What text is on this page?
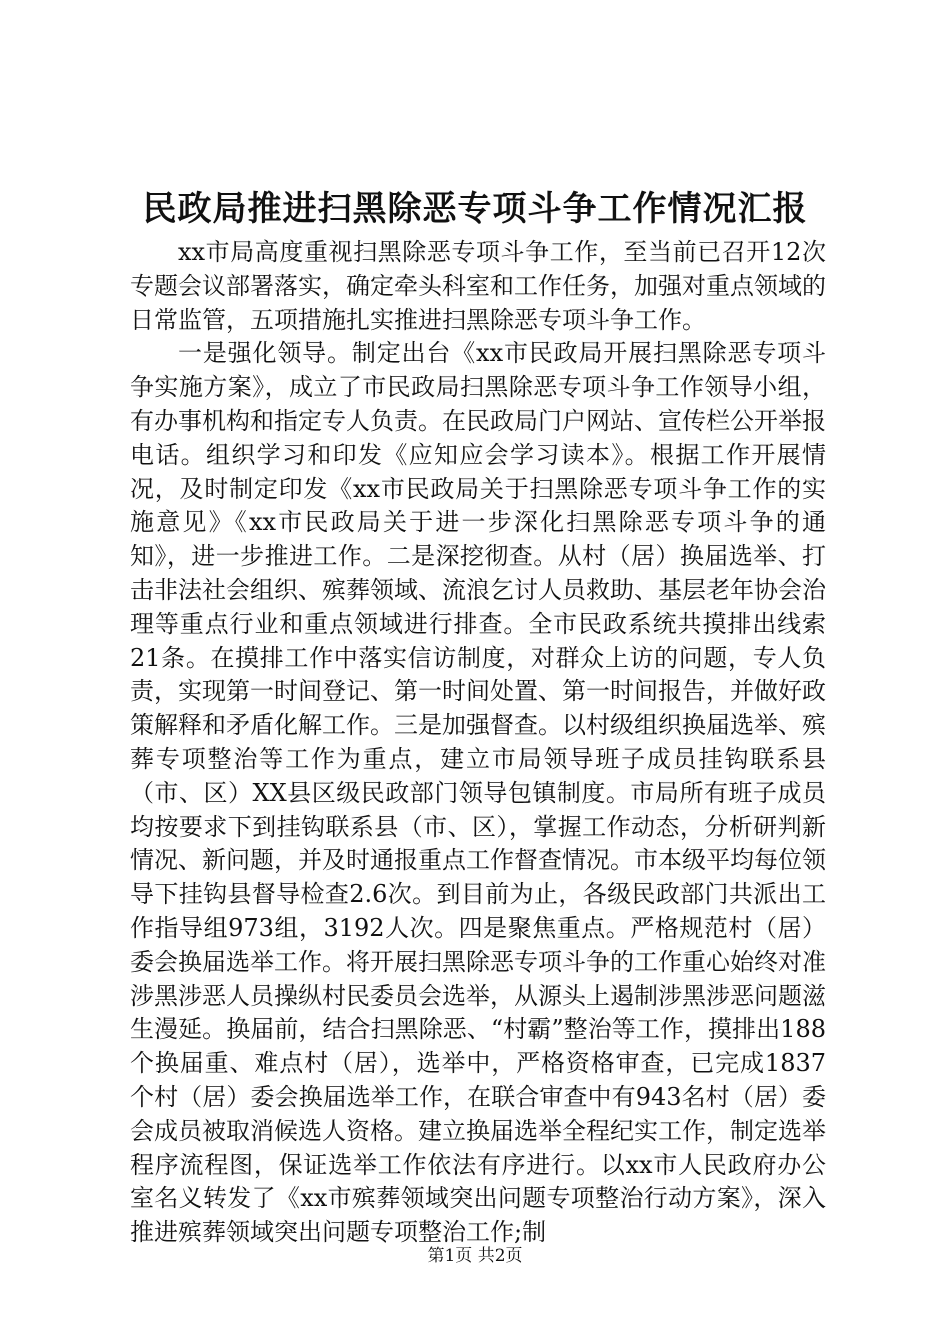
民政局推进扫黑除恶专项斗争工作情况汇报

xx市局高度重视扫黑除恶专项斗争工作，至当前已召开12次专题会议部署落实，确定牵头科室和工作任务，加强对重点领域的日常监管，五项措施扎实推进扫黑除恶专项斗争工作。

一是强化领导。制定出台《xx市民政局开展扫黑除恶专项斗争实施方案》，成立了市民政局扫黑除恶专项斗争工作领导小组，有办事机构和指定专人负责。在民政局门户网站、宣传栏公开举报电话。组织学习和印发《应知应会学习读本》。根据工作开展情况，及时制定印发《xx市民政局关于扫黑除恶专项斗争工作的实施意见》《xx市民政局关于进一步深化扫黑除恶专项斗争的通知》，进一步推进工作。二是深挖彻查。从村（居）换届选举、打击非法社会组织、殡葬领域、流浪乞讨人员救助、基层老年协会治理等重点行业和重点领域进行排查。全市民政系统共摸排出线索21条。在摸排工作中落实信访制度，对群众上访的问题，专人负责，实现第一时间登记、第一时间处置、第一时间报告，并做好政策解释和矛盾化解工作。三是加强督查。以村级组织换届选举、殡葬专项整治等工作为重点，建立市局领导班子成员挂钩联系县（市、区）XX县区级民政部门领导包镇制度。市局所有班子成员均按要求下到挂钩联系县（市、区），掌握工作动态，分析研判新情况、新问题，并及时通报重点工作督查情况。市本级平均每位领导下挂钩县督导检查2.6次。到目前为止，各级民政部门共派出工作指导组973组，3192人次。四是聚焦重点。严格规范村（居）委会换届选举工作。将开展扫黑除恶专项斗争的工作重心始终对准涉黑涉恶人员操纵村民委员会选举，从源头上遏制涉黑涉恶问题滋生漫延。换届前，结合扫黑除恶、“村霸”整治等工作，摸排出188个换届重、难点村（居），选举中，严格资格审查，已完成1837个村（居）委会换届选举工作，在联合审查中有943名村（居）委会成员被取消候选人资格。建立换届选举全程纪实工作，制定选举程序流程图，保证选举工作依法有序进行。以xx市人民政府办公室名义转发了《xx市殡葬领域突出问题专项整治行动方案》，深入推进殡葬领域突出问题专项整治工作;制

第1页 共2页
